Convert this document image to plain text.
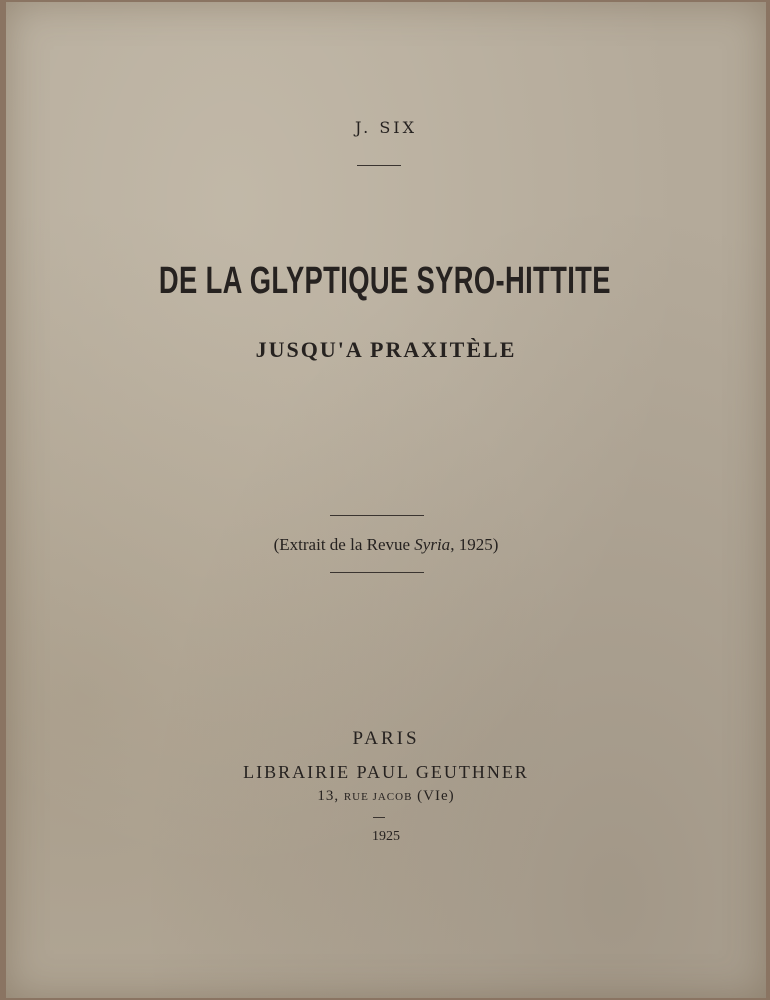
J. SIX
DE LA GLYPTIQUE SYRO-HITTITE
JUSQU'A PRAXITÈLE
(Extrait de la Revue Syria, 1925)
PARIS
LIBRAIRIE PAUL GEUTHNER
13, RUE JACOB (VIe)
1925
